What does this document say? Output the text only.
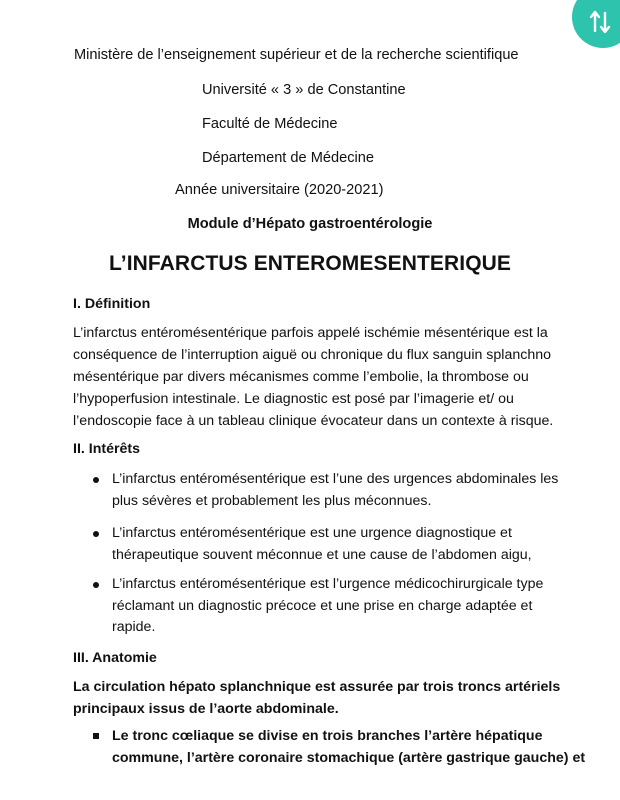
Ministère de l’enseignement supérieur et de la recherche scientifique
Université « 3 » de Constantine
Faculté de Médecine
Département de Médecine
Année universitaire (2020-2021)
Module d’Hépato gastroentérologie
L’INFARCTUS ENTEROMESENTERIQUE
I. Définition
L’infarctus entéromésentérique parfois appelé ischémie mésentérique est la
conséquence de l’interruption aiguë ou chronique du flux sanguin splanchno
mésentérique par divers mécanismes comme l’embolie, la thrombose ou
l’hypoperfusion intestinale. Le diagnostic est posé par l’imagerie et/ ou
l’endoscopie face à un tableau clinique évocateur dans un contexte à risque.
II. Intérêts
L’infarctus entéromésentérique est l’une des urgences abdominales les
plus sévères et probablement les plus méconnues.
L’infarctus entéromésentérique est une urgence diagnostique et
thérapeutique souvent méconnue et une cause de l’abdomen aigu,
L’infarctus entéromésentérique est l’urgence médicochirurgicale type
réclamant un diagnostic précoce et une prise en charge adaptée et
rapide.
III. Anatomie
La circulation hépato splanchnique est assurée par trois troncs artériels
principaux issus de l’aorte abdominale.
Le tronc cœliaque se divise en trois branches l’artère hépatique
commune, l’artère coronaire stomachique (artère gastrique gauche) et
